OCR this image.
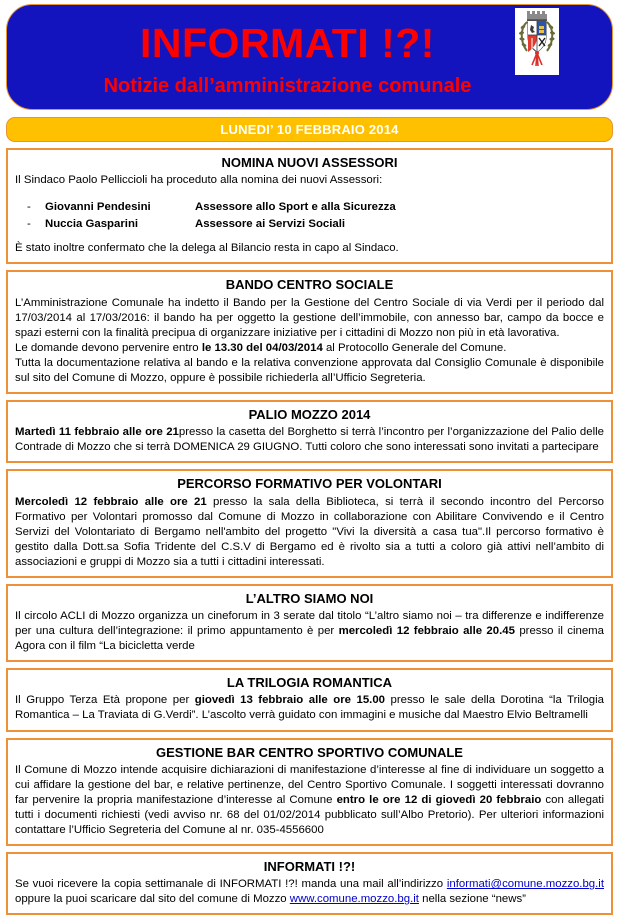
INFORMATI !?!
Notizie dall’amministrazione comunale
LUNEDI’ 10 FEBBRAIO 2014
NOMINA NUOVI ASSESSORI

Il Sindaco Paolo Pelliccioli ha proceduto alla nomina dei nuovi Assessori:

-	Giovanni Pendesini	Assessore allo Sport e alla Sicurezza
-	Nuccia Gasparini	Assessore ai Servizi Sociali

È stato inoltre confermato che la delega al Bilancio resta in capo al Sindaco.

BANDO CENTRO SOCIALE

L’Amministrazione Comunale ha indetto il Bando per la Gestione del Centro Sociale di via Verdi per il periodo dal 17/03/2014 al 17/03/2016: il bando ha per oggetto la gestione dell’immobile, con annesso bar, campo da bocce e spazi esterni con la finalità precipua di organizzare iniziative per i cittadini di Mozzo non più in età lavorativa.

Le domande devono pervenire entro le 13.30 del 04/03/2014 al Protocollo Generale del Comune.

Tutta la documentazione relativa al bando e la relativa convenzione approvata dal Consiglio Comunale è disponibile sul sito del Comune di Mozzo, oppure è possibile richiederla all’Ufficio Segreteria.

PALIO MOZZO 2014

Martedì 11 febbraio alle ore 21presso la casetta del Borghetto si terrà l’incontro per l’organizzazione del Palio delle Contrade di Mozzo che si terrà DOMENICA 29 GIUGNO. Tutti coloro che sono interessati sono invitati a partecipare

PERCORSO FORMATIVO PER VOLONTARI

Mercoledì 12 febbraio alle ore 21 presso la sala della Biblioteca, si terrà il secondo incontro del Percorso Formativo per Volontari promosso dal Comune di Mozzo in collaborazione con Abilitare Convivendo e il Centro Servizi del Volontariato di Bergamo nell'ambito del progetto "Vivi la diversità a casa tua".Il percorso formativo è gestito dalla Dott.sa Sofia Tridente del C.S.V di Bergamo ed è rivolto sia a tutti a coloro già attivi nell’ambito di associazioni e gruppi di Mozzo sia a tutti i cittadini interessati.

L’ALTRO SIAMO NOI

Il circolo ACLI di Mozzo organizza un cineforum in 3 serate dal titolo “L’altro siamo noi – tra differenze e indifferenze per una cultura dell’integrazione: il primo appuntamento è per mercoledì 12 febbraio alle 20.45 presso il cinema Agora con il film “La bicicletta verde

LA TRILOGIA ROMANTICA

Il Gruppo Terza Età propone per giovedì 13 febbraio alle ore 15.00 presso le sale della Dorotina “la Trilogia Romantica – La Traviata di G.Verdi”. L’ascolto verrà guidato con immagini e musiche dal Maestro Elvio Beltramelli

GESTIONE BAR CENTRO SPORTIVO COMUNALE

Il Comune di Mozzo intende acquisire dichiarazioni di manifestazione d’interesse al fine di individuare un soggetto a cui affidare la gestione del bar, e relative pertinenze, del Centro Sportivo Comunale. I soggetti interessati dovranno far pervenire la propria manifestazione d’interesse al Comune entro le ore 12 di giovedì 20 febbraio con allegati tutti i documenti richiesti (vedi avviso nr. 68 del 01/02/2014 pubblicato sull’Albo Pretorio). Per ulteriori informazioni contattare l’Ufficio Segreteria del Comune al nr. 035-4556600

INFORMATI !?!

Se vuoi ricevere la copia settimanale di INFORMATI !?! manda una mail all’indirizzo informati@comune.mozzo.bg.it oppure la puoi scaricare dal sito del comune di Mozzo www.comune.mozzo.bg.it nella sezione “news”
